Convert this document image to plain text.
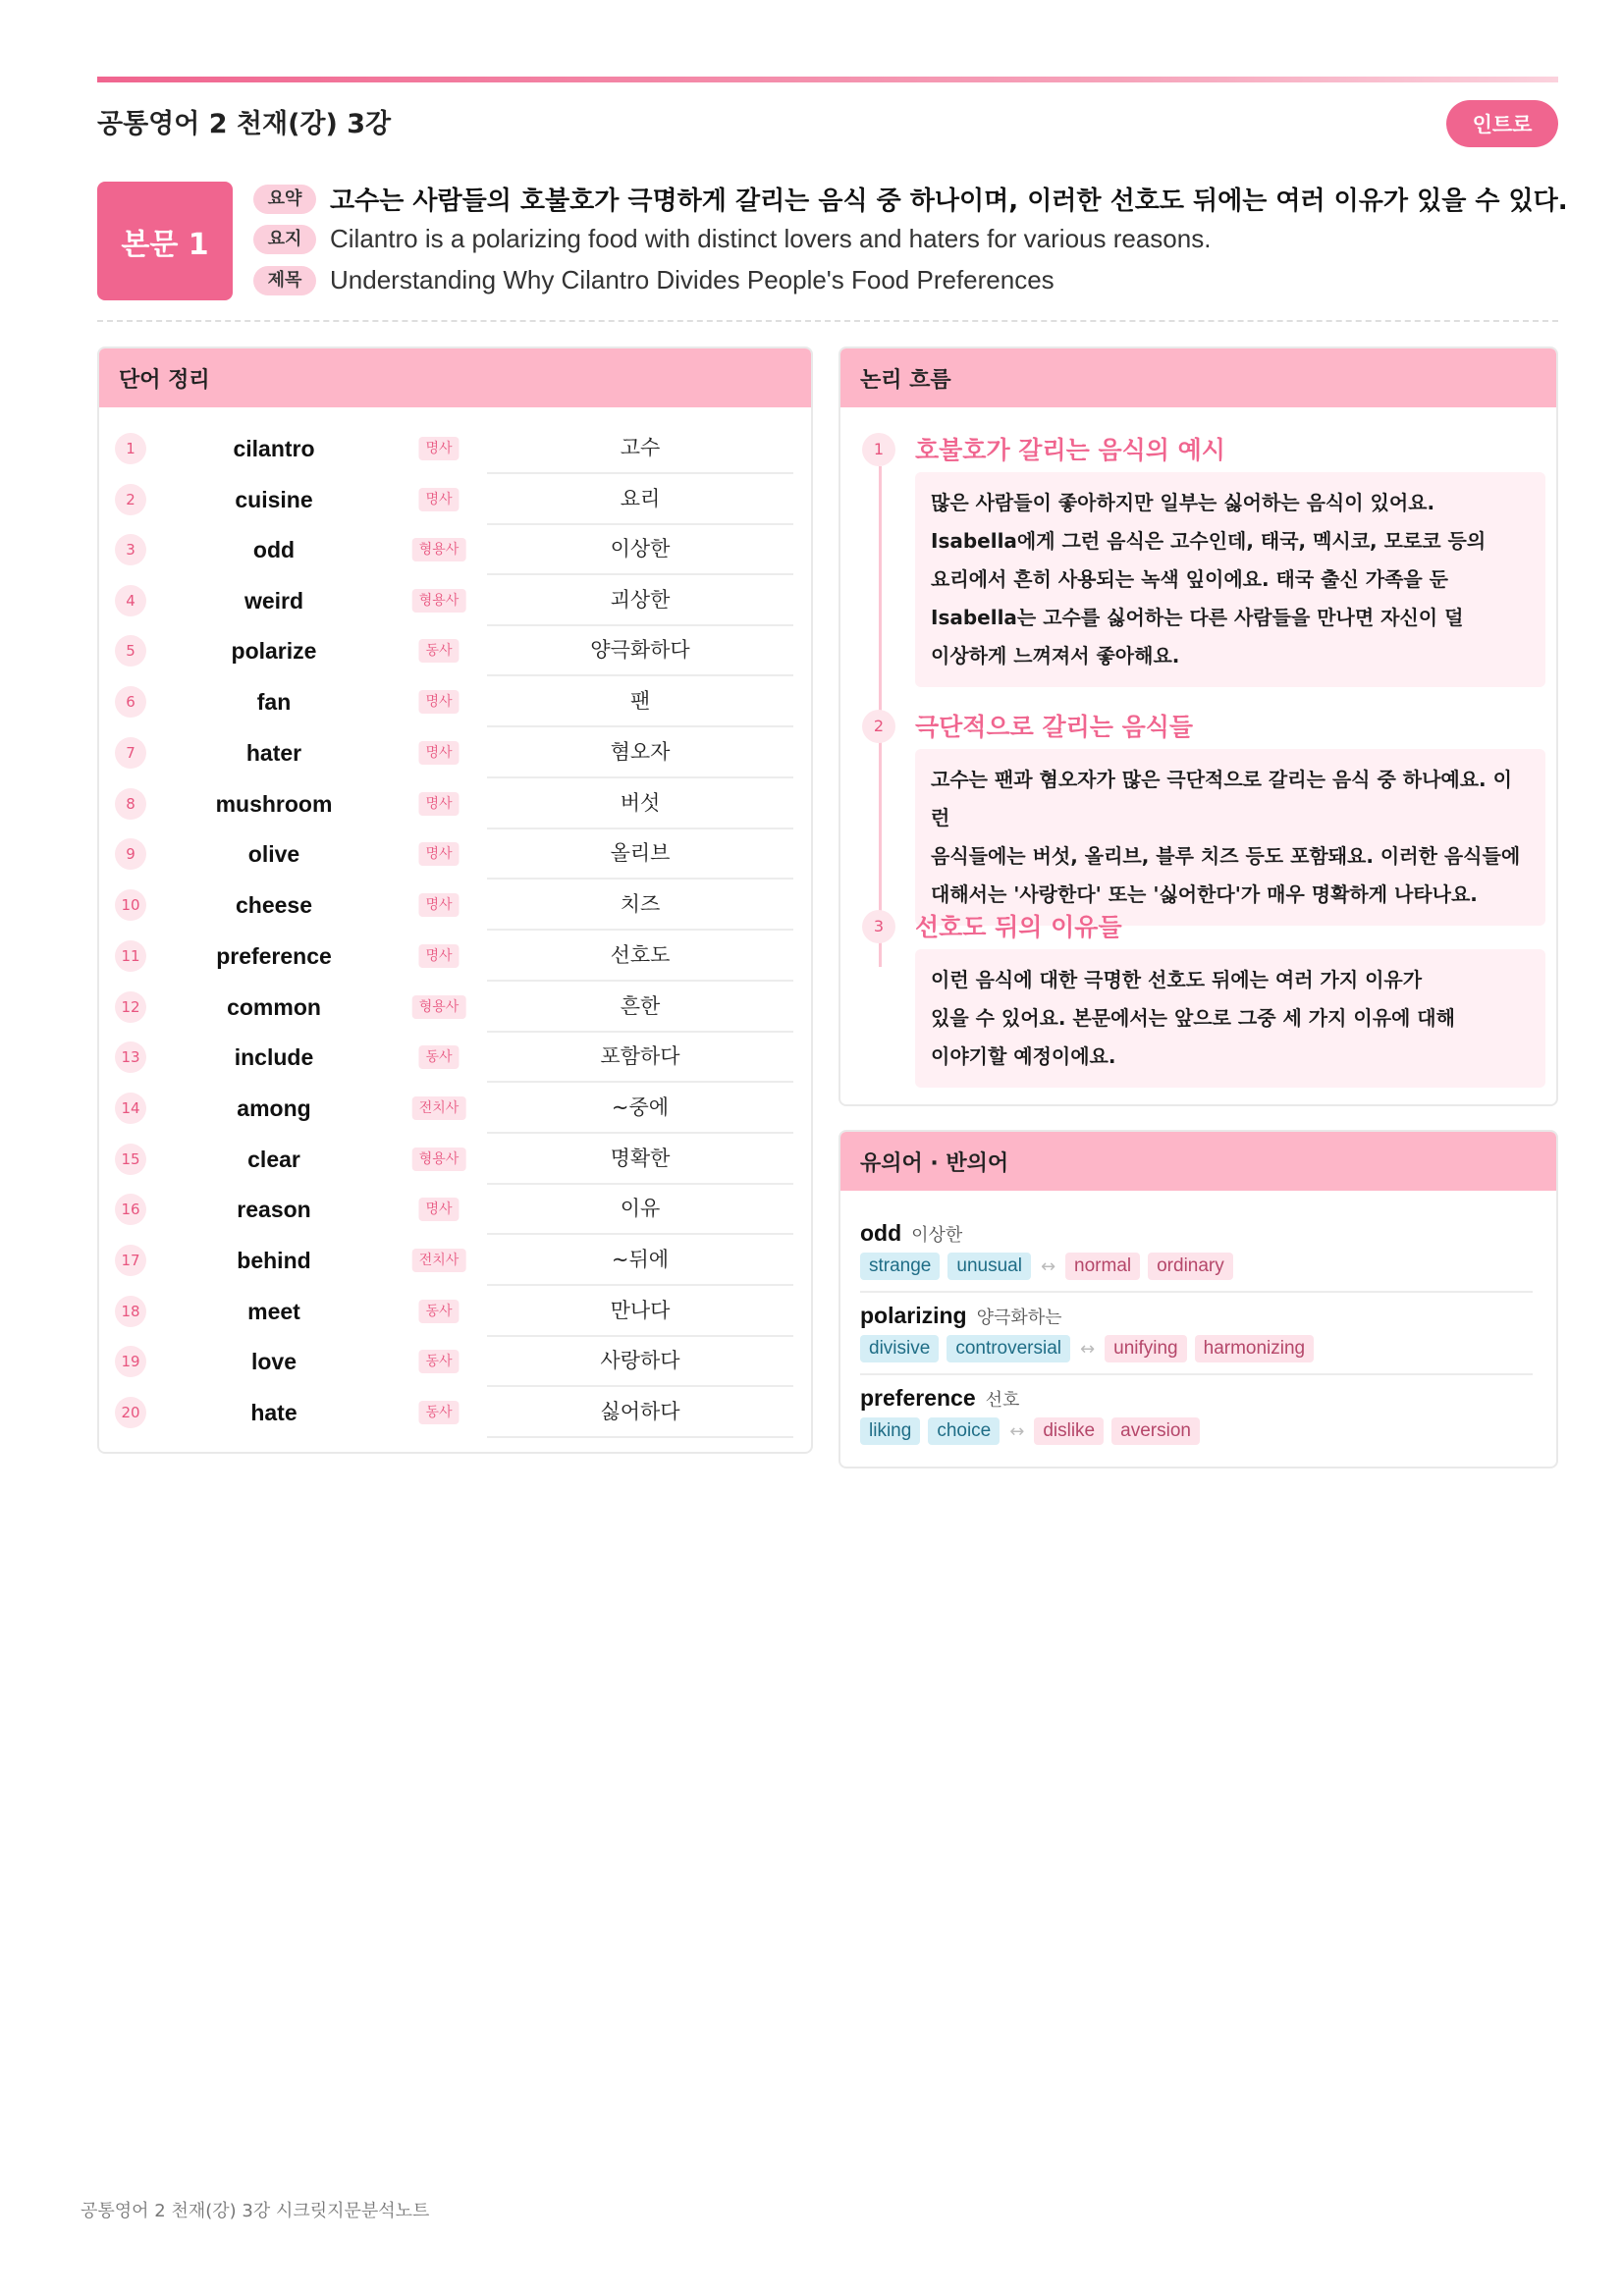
공통영어 2 천재(강) 3강	인트로
본문 1
요약	고수는 사람들의 호불호가 극명하게 갈리는 음식 중 하나이며, 이러한 선호도 뒤에는 여러 이유가 있을 수 있다.
요지	Cilantro is a polarizing food with distinct lovers and haters for various reasons.
제목	Understanding Why Cilantro Divides People's Food Preferences
단어 정리
1	cilantro	명사	고수
2	cuisine	명사	요리
3	odd	형용사	이상한
4	weird	형용사	괴상한
5	polarize	동사	양극화하다
6	fan	명사	팬
7	hater	명사	혐오자
8	mushroom	명사	버섯
9	olive	명사	올리브
10	cheese	명사	치즈
11	preference	명사	선호도
12	common	형용사	흔한
13	include	동사	포함하다
14	among	전치사	~중에
15	clear	형용사	명확한
16	reason	명사	이유
17	behind	전치사	~뒤에
18	meet	동사	만나다
19	love	동사	사랑하다
20	hate	동사	싫어하다
논리 흐름
1	호불호가 갈리는 음식의 예시
많은 사람들이 좋아하지만 일부는 싫어하는 음식이 있어요.
Isabella에게 그런 음식은 고수인데, 태국, 멕시코, 모로코 등의
요리에서 흔히 사용되는 녹색 잎이에요. 태국 출신 가족을 둔
Isabella는 고수를 싫어하는 다른 사람들을 만나면 자신이 덜
이상하게 느껴져서 좋아해요.
2	극단적으로 갈리는 음식들
고수는 팬과 혐오자가 많은 극단적으로 갈리는 음식 중 하나예요. 이런
음식들에는 버섯, 올리브, 블루 치즈 등도 포함돼요. 이러한 음식들에
대해서는 '사랑한다' 또는 '싫어한다'가 매우 명확하게 나타나요.
3	선호도 뒤의 이유들
이런 음식에 대한 극명한 선호도 뒤에는 여러 가지 이유가
있을 수 있어요. 본문에서는 앞으로 그중 세 가지 이유에 대해
이야기할 예정이에요.
유의어 · 반의어
odd 이상한
strange	unusual	↔	normal	ordinary
polarizing 양극화하는
divisive	controversial	↔	unifying	harmonizing
preference 선호
liking	choice	↔	dislike	aversion
공통영어 2 천재(강) 3강 시크릿지문분석노트
